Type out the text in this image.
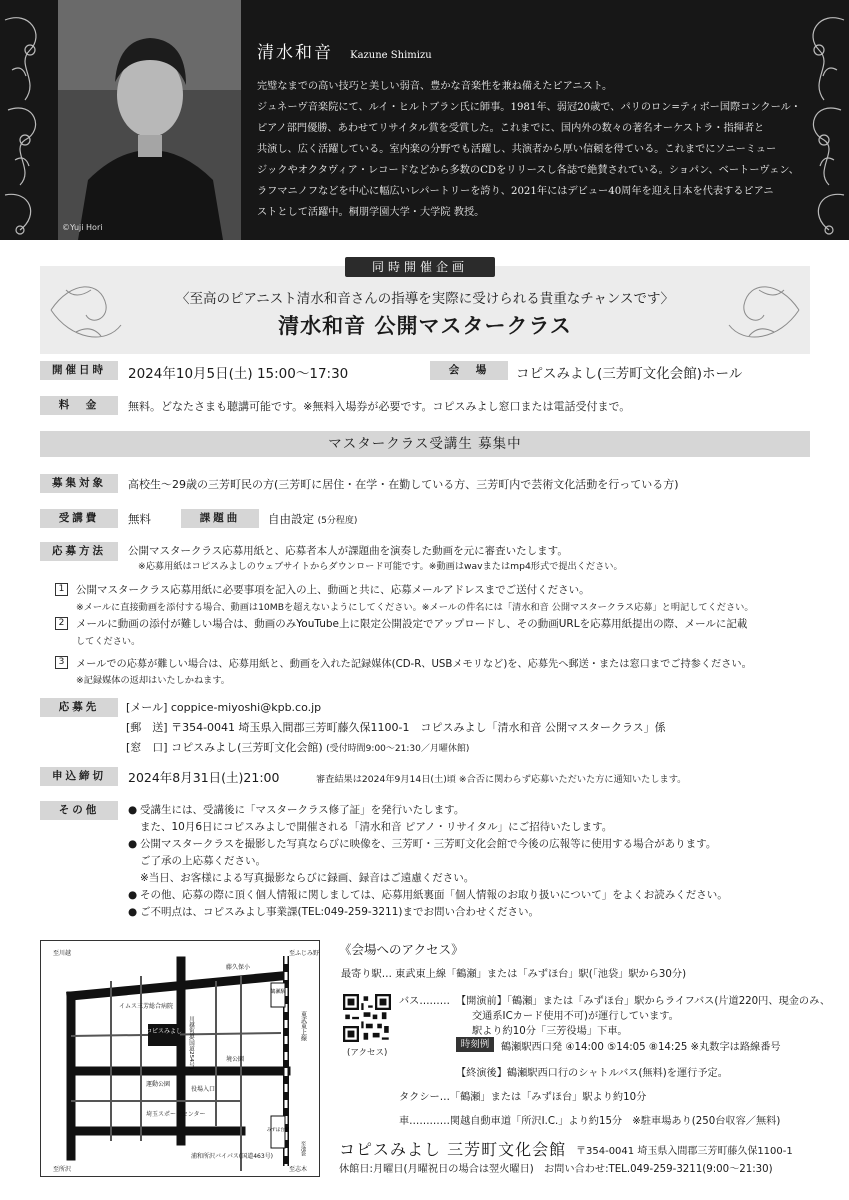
©Yuji Hori
清水和音 Kazune Shimizu

完璧なまでの高い技巧と美しい弱音、豊かな音楽性を兼ね備えたピアニスト。

ジュネーヴ音楽院にて、ルイ・ヒルトブラン氏に師事。1981年、弱冠20歳で、パリのロン=ティボー国際コンクール・

ピアノ部門優勝、あわせてリサイタル賞を受賞した。これまでに、国内外の数々の著名オーケストラ・指揮者と

共演し、広く活躍している。室内楽の分野でも活躍し、共演者から厚い信頼を得ている。これまでにソニーミュー

ジックやオクタヴィア・レコードなどから多数のCDをリリースし各誌で絶賛されている。ショパン、ベートーヴェン、

ラフマニノフなどを中心に幅広いレパートリーを誇り、2021年にはデビュー40周年を迎え日本を代表するピアニ

ストとして活躍中。桐朋学園大学・大学院 教授。

同時開催企画
〈至高のピアニスト清水和音さんの指導を実際に受けられる貴重なチャンスです〉
清水和音 公開マスタークラス
開催日時	2024年10月5日(土) 15:00～17:30	会　場	コピスみよし(三芳町文化会館)ホール
料　金	無料。どなたさまも聴講可能です。※無料入場券が必要です。コピスみよし窓口または電話受付まで。
マスタークラス受講生 募集中
募集対象	高校生～29歳の三芳町民の方(三芳町に居住・在学・在勤している方、三芳町内で芸術文化活動を行っている方)
受講費	無料	課題曲	自由設定 (5分程度)
応募方法	公開マスタークラス応募用紙と、応募者本人が課題曲を演奏した動画を元に審査いたします。
※応募用紙はコピスみよしのウェブサイトからダウンロード可能です。※動画はwavまたはmp4形式で提出ください。
1 公開マスタークラス応募用紙に必要事項を記入の上、動画と共に、応募メールアドレスまでご送付ください。
※メールに直接動画を添付する場合、動画は10MBを超えないようにしてください。※メールの件名には「清水和音 公開マスタークラス応募」と明記してください。
2 メールに動画の添付が難しい場合は、動画のみYouTube上に限定公開設定でアップロードし、その動画URLを応募用紙提出の際、メールに記載
してください。
3 メールでの応募が難しい場合は、応募用紙と、動画を入れた記録媒体(CD-R、USBメモリなど)を、応募先へ郵送・または窓口までご持参ください。
※記録媒体の返却はいたしかねます。
応募先	[メール] coppice-miyoshi@kpb.co.jp
[郵　送] 〒354-0041 埼玉県入間郡三芳町藤久保1100-1　コピスみよし「清水和音 公開マスタークラス」係
[窓　口] コピスみよし(三芳町文化会館) (受付時間9:00～21:30／月曜休館)
申込締切	2024年8月31日(土)21:00	審査結果は2024年9月14日(土)頃 ※合否に関わらず応募いただいた方に通知いたします。
その他	● 受講生には、受講後に「マスタークラス修了証」を発行いたします。
また、10月6日にコピスみよしで開催される「清水和音 ピアノ・リサイタル」にご招待いたします。
● 公開マスタークラスを撮影した写真ならびに映像を、三芳町・三芳町文化会館で今後の広報等に使用する場合があります。
ご了承の上応募ください。
※当日、お客様による写真撮影ならびに録画、録音はご遠慮ください。
● その他、応募の際に頂く個人情報に関しましては、応募用紙裏面「個人情報のお取り扱いについて」をよくお読みください。
● ご不明点は、コピスみよし事業課(TEL:049-259-3211)までお問い合わせください。
コピスみよし
鶴瀬駅
みずほ台駅
至川越
至所沢
至ふじみ野
至志木
浦和所沢バイパス(国道463号)
藤久保
イムス三芳総合病院
藤久保小
運動公園
埼玉スポーツセンター
役場入口
境公園
川越街道(国道254号)	東武東上線
至池袋
《会場へのアクセス》
最寄り駅… 東武東上線「鶴瀬」または「みずほ台」駅(「池袋」駅から30分)
(アクセス)
バス……… 【開演前】「鶴瀬」または「みずほ台」駅からライフバス(片道220円、現金のみ、
交通系ICカード使用不可)が運行しています。
駅より約10分「三芳役場」下車。
時刻例	鶴瀬駅西口発 ④14:00 ⑤14:05 ⑧14:25 ※丸数字は路線番号
【終演後】鶴瀬駅西口行のシャトルバス(無料)を運行予定。
タクシー…「鶴瀬」または「みずほ台」駅より約10分
車…………関越自動車道「所沢I.C.」より約15分　※駐車場あり(250台収容／無料)
コピスみよし 三芳町文化会館 〒354-0041 埼玉県入間郡三芳町藤久保1100-1
休館日:月曜日(月曜祝日の場合は翌火曜日)　お問い合わせ:TEL.049-259-3211(9:00～21:30)
